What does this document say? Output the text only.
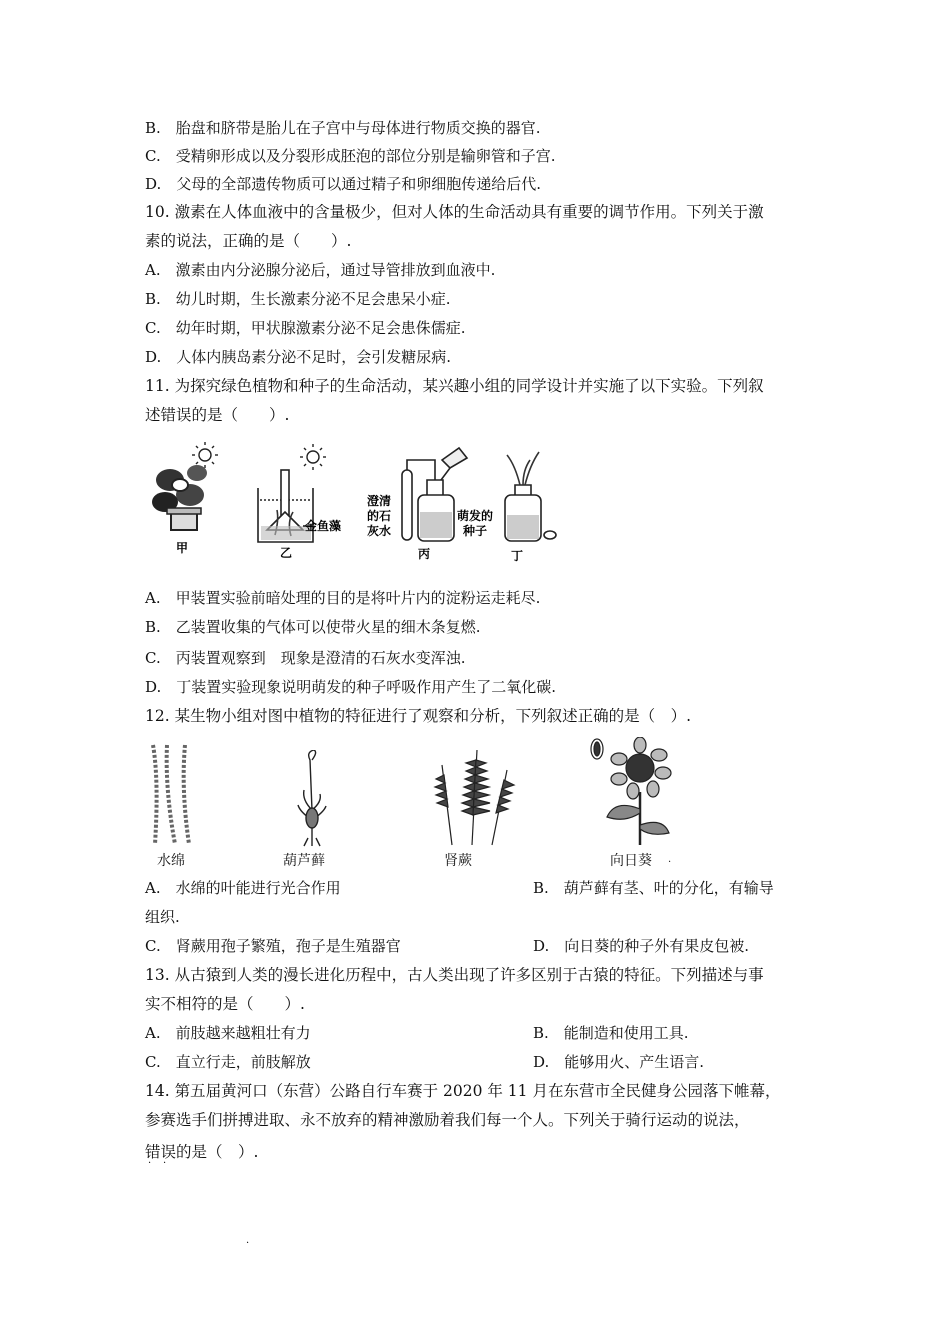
B. 胎盘和脐带是胎儿在子宫中与母体进行物质交换的器官.
C. 受精卵形成以及分裂形成胚泡的部位分别是输卵管和子宫.
D. 父母的全部遗传物质可以通过精子和卵细胞传递给后代.
10. 激素在人体血液中的含量极少，但对人体的生命活动具有重要的调节作用。下列关于激
素的说法，正确的是（  ）.
A. 激素由内分泌腺分泌后，通过导管排放到血液中.
B. 幼儿时期，生长激素分泌不足会患呆小症.
C. 幼年时期，甲状腺激素分泌不足会患侏儒症.
D. 人体内胰岛素分泌不足时，会引发糖尿病.
11. 为探究绿色植物和种子的生命活动，某兴趣小组的同学设计并实施了以下实验。下列叙
述错误的是（  ）.
甲	乙
金鱼藻
澄清
的石
灰水
萌发的
种子
丙	丁
A. 甲装置实验前暗处理的目的是将叶片内的淀粉运走耗尽.
B. 乙装置收集的气体可以使带火星的细木条复燃.
C. 丙装置观察到 现象是澄清的石灰水变浑浊.
D. 丁装置实验现象说明萌发的种子呼吸作用产生了二氧化碳.
12. 某生物小组对图中植物的特征进行了观察和分析，下列叙述正确的是（ ）.
水绵	葫芦藓	肾蕨	向日葵 .
A. 水绵的叶能进行光合作用	B. 葫芦藓有茎、叶的分化，有输导
组织.
C. 肾蕨用孢子繁殖，孢子是生殖器官	D. 向日葵的种子外有果皮包被.
13. 从古猿到人类的漫长进化历程中，古人类出现了许多区别于古猿的特征。下列描述与事
实不相符的是（  ）.
A. 前肢越来越粗壮有力	B. 能制造和使用工具.
C. 直立行走，前肢解放	D. 能够用火、产生语言.
14. 第五届黄河口（东营）公路自行车赛于 2020 年 11 月在东营市全民健身公园落下帷幕，
参赛选手们拼搏进取、永不放弃的精神激励着我们每一个人。下列关于骑行运动的说法，
错误的是（ ）.
· ·
·
